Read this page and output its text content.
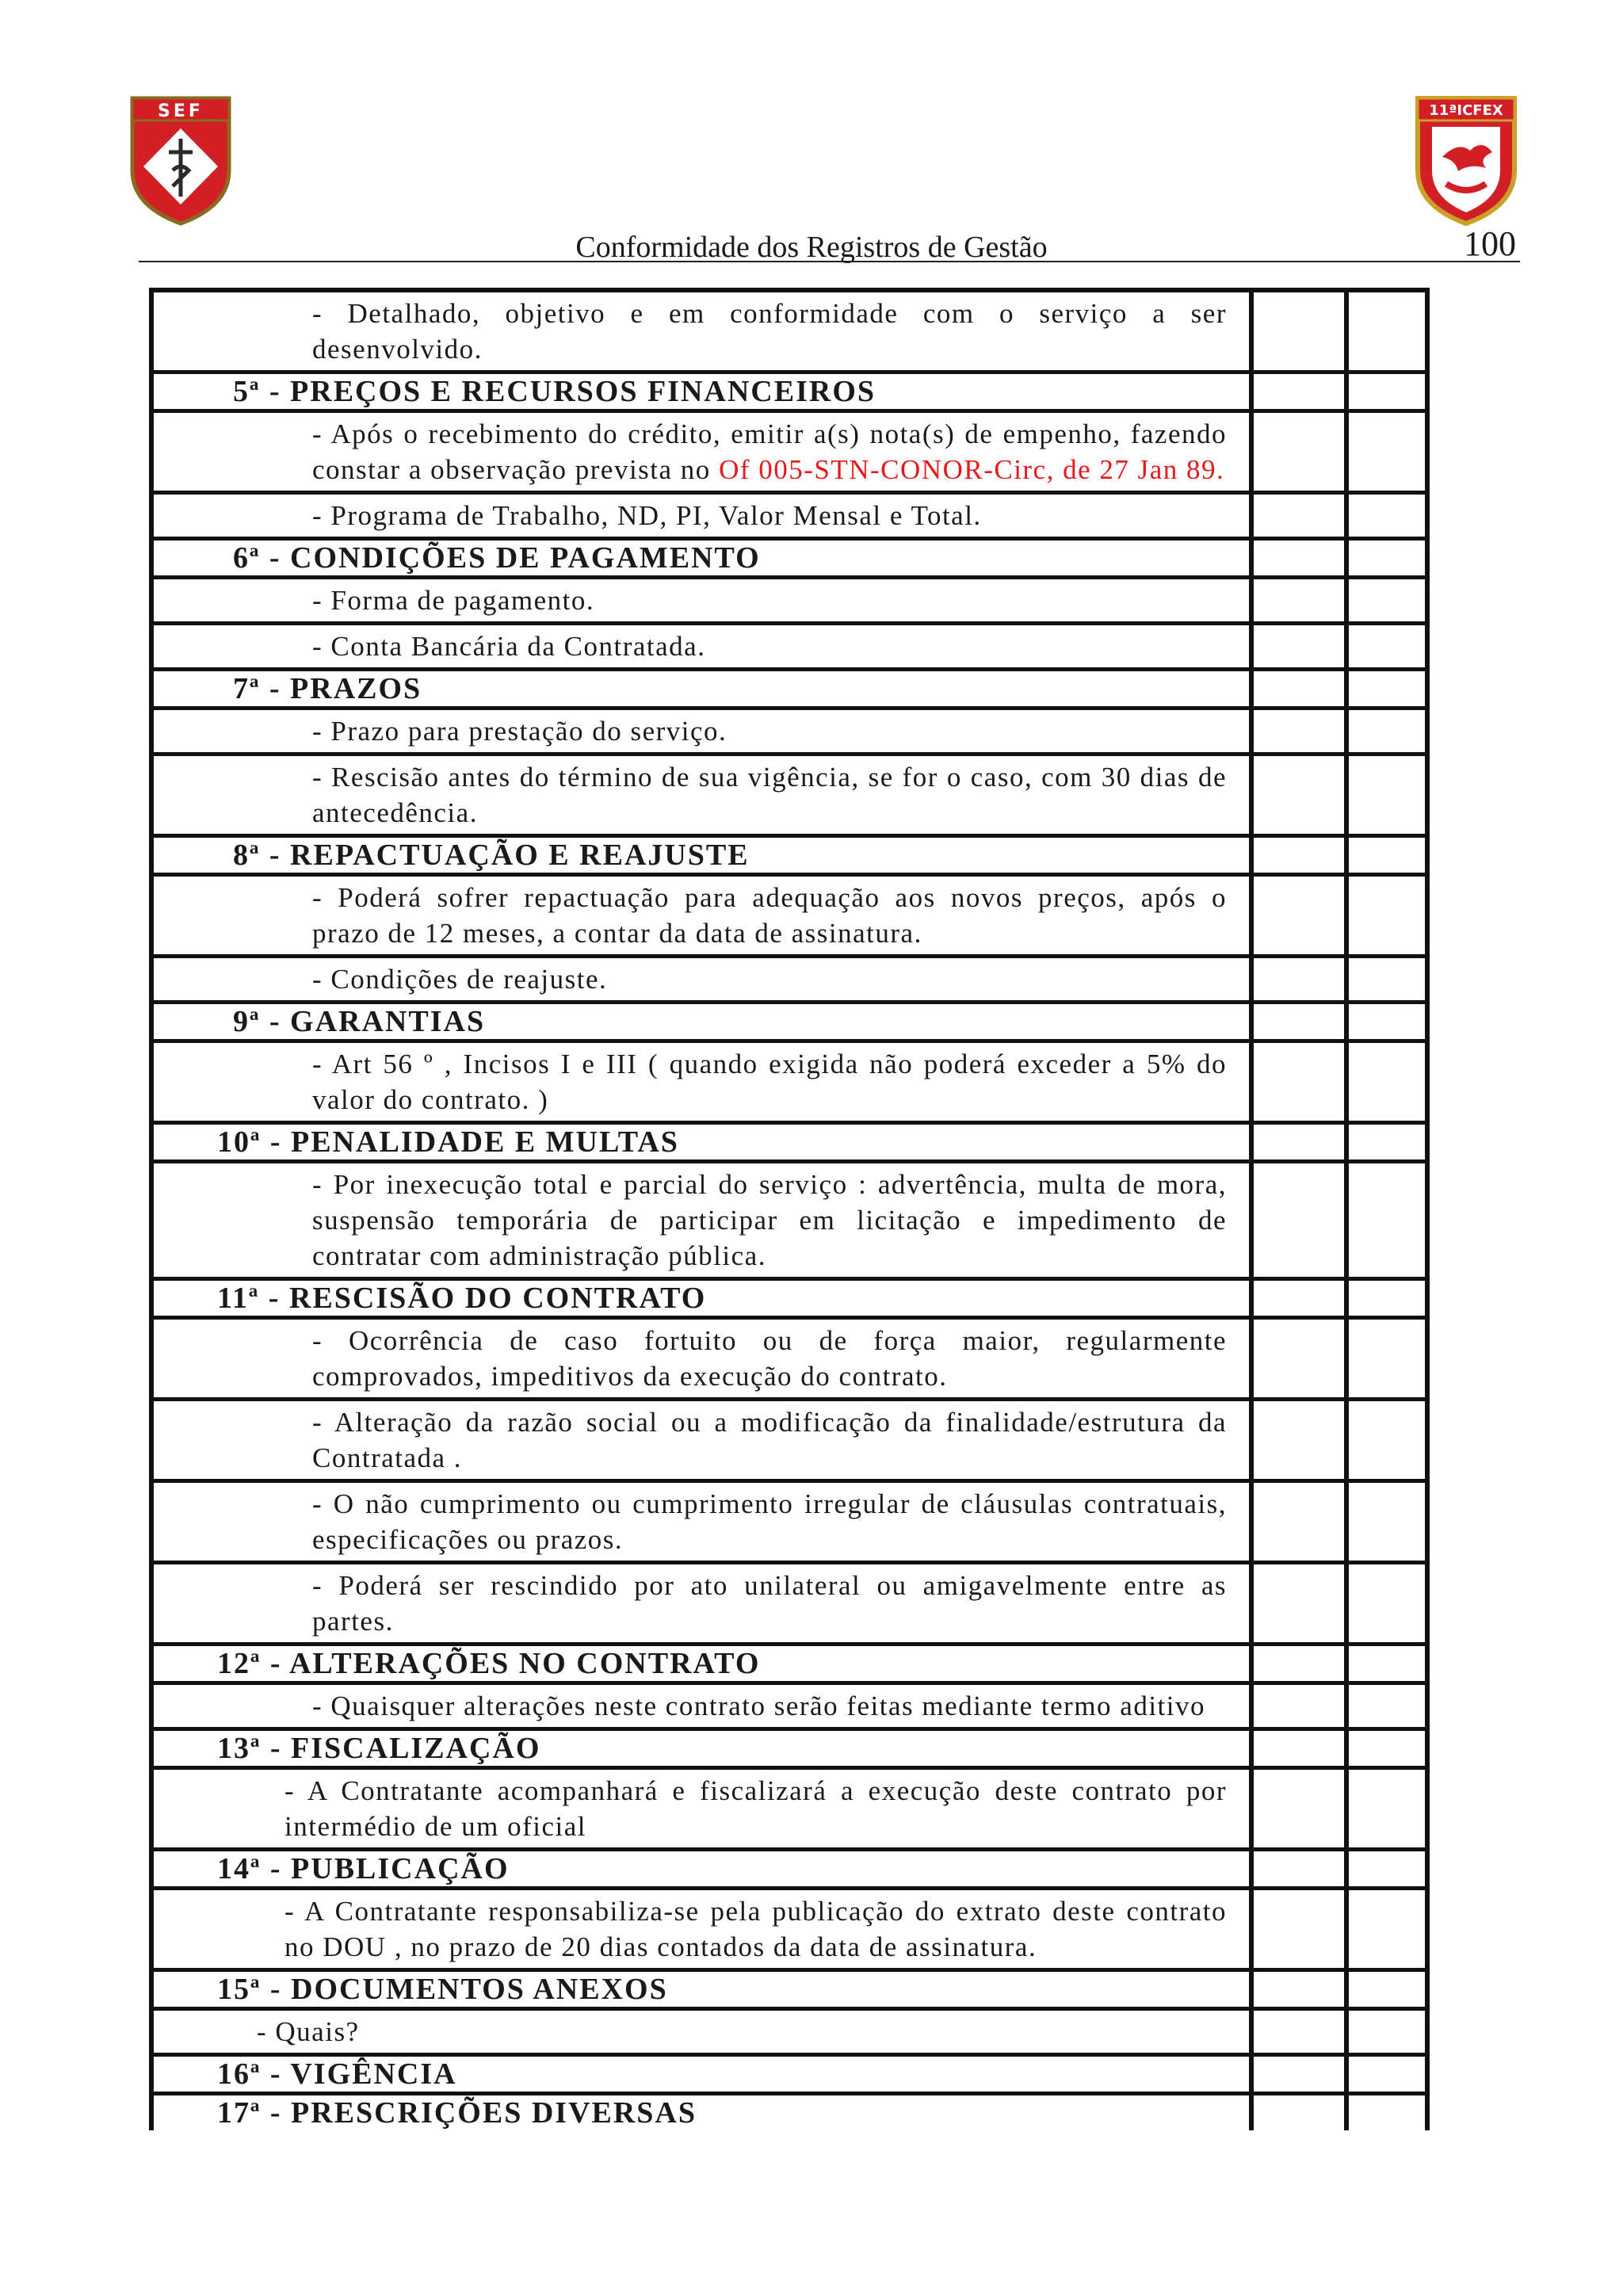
SEF	11ªICFEX
Conformidade dos Registros de Gestão	100
- Detalhado, objetivo e em conformidade com o serviço a ser desenvolvido.		

5ª - PREÇOS E RECURSOS FINANCEIROS		

- Após o recebimento do crédito, emitir a(s) nota(s) de empenho, fazendo constar a observação prevista no Of 005-STN-CONOR-Circ, de 27 Jan 89.		

- Programa de Trabalho, ND, PI, Valor Mensal e Total.		

6ª - CONDIÇÕES DE PAGAMENTO		

- Forma de pagamento.		

- Conta Bancária da Contratada.		

7ª - PRAZOS		

- Prazo para prestação do serviço.		

- Rescisão antes do término de sua vigência, se for o caso, com 30 dias de antecedência.		

8ª - REPACTUAÇÃO E REAJUSTE		

- Poderá sofrer repactuação para adequação aos novos preços, após o prazo de 12 meses, a contar da data de assinatura.		

- Condições de reajuste.		

9ª - GARANTIAS		

- Art 56 º , Incisos I e III ( quando exigida não poderá exceder a 5% do valor do contrato. )		

10ª - PENALIDADE E MULTAS		

- Por inexecução total e parcial do serviço : advertência, multa de mora, suspensão temporária de participar em licitação e impedimento de contratar com administração pública.		

11ª - RESCISÃO DO CONTRATO		

- Ocorrência de caso fortuito ou de força maior, regularmente comprovados, impeditivos da execução do contrato.		

- Alteração da razão social ou a modificação da finalidade/estrutura da Contratada .		

- O não cumprimento ou cumprimento irregular de cláusulas contratuais, especificações ou prazos.		

- Poderá ser rescindido por ato unilateral ou amigavelmente entre as partes.		

12ª - ALTERAÇÕES NO CONTRATO		

- Quaisquer alterações neste contrato serão feitas mediante termo aditivo		

13ª - FISCALIZAÇÃO		

- A Contratante acompanhará e fiscalizará a execução deste contrato por intermédio de um oficial		

14ª - PUBLICAÇÃO		

- A Contratante responsabiliza-se pela publicação do extrato deste contrato no DOU , no prazo de 20 dias contados da data de assinatura.		

15ª - DOCUMENTOS ANEXOS		

- Quais?		

16ª - VIGÊNCIA		

17ª - PRESCRIÇÕES DIVERSAS		
